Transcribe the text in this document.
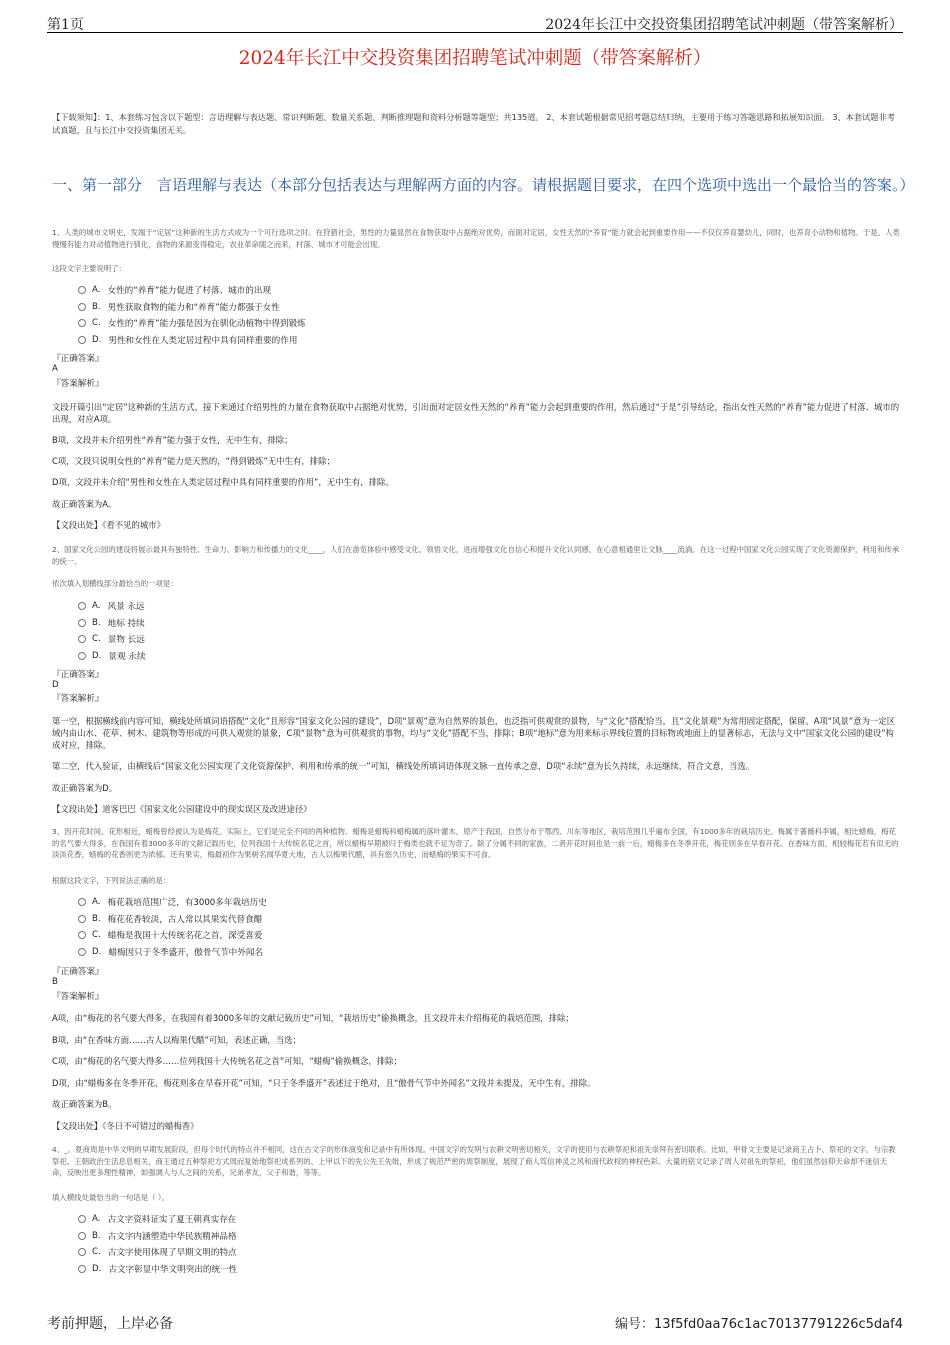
第1页	2024年长江中交投资集团招聘笔试冲刺题（带答案解析）
2024年长江中交投资集团招聘笔试冲刺题（带答案解析）
【下载须知】：1、本套练习包含以下题型：言语理解与表达题、常识判断题、数量关系题、判断推理题和资料分析题等题型；共135道。 2、本套试题根据常见招考题总结归纳，主要用于练习答题思路和拓展知识面。 3、本套试题非考试真题，且与长江中交投资集团无关。
一、第一部分　言语理解与表达（本部分包括表达与理解两方面的内容。请根据题目要求，在四个选项中选出一个最恰当的答案。）
1、人类的城市文明史，发端于“定居”这种新的生活方式成为一个可行选项之时。在狩猎社会，男性的力量显然在食物获取中占据绝对优势，而面对定居，女性天然的“养育”能力就会起到重要作用——不仅仅养育婴幼儿，同时，也养育小动物和植物。于是，人类慢慢有能力对动植物进行驯化，食物的来源变得稳定，农业革命随之而来，村落、城市才可能会出现。
这段文字主要说明了：
A. 女性的“养育”能力促进了村落、城市的出现
B. 男性获取食物的能力和“养育”能力都强于女性
C. 女性的“养育”能力强是因为在驯化动植物中得到锻炼
D. 男性和女性在人类定居过程中具有同样重要的作用
『正确答案』
A
『答案解析』
文段开篇引出“定居”这种新的生活方式，接下来通过介绍男性的力量在食物获取中占据绝对优势，引出面对定居女性天然的“养育”能力会起到重要的作用，然后通过“于是”引导结论，指出女性天然的“养育”能力促进了村落、城市的出现，对应A项。
B项，文段并未介绍男性“养育”能力强于女性，无中生有，排除；
C项，文段只说明女性的“养育”能力是天然的，“得到锻炼”无中生有，排除；
D项，文段并未介绍“男性和女性在人类定居过程中具有同样重要的作用”，无中生有，排除。
故正确答案为A。
【文段出处】《看不见的城市》
2、国家文化公园的建设将展示最具有独特性、生命力、影响力和传播力的文化____，人们在游览体验中感受文化、领悟文化，进而增强文化自信心和提升文化认同感，在心意相通里让文脉____流淌。在这一过程中国家文化公园实现了文化资源保护，利用和传承的统一。
依次填入划横线部分最恰当的一项是：
A. 风景 永远
B. 地标 持续
C. 景物 长远
D. 景观 永续
『正确答案』
D
『答案解析』
第一空，根据横线前内容可知，横线处所填词语搭配“文化”且形容“国家文化公园的建设”，D项“景观”意为自然界的景色，也泛指可供观赏的景物，与“文化”搭配恰当，且“文化景观”为常用固定搭配，保留。A项“风景”意为一定区域内由山水、花草、树木、建筑物等形成的可供人观赏的景象，C项“景物”意为可供观赏的事物，均与“文化”搭配不当，排除；B项“地标”意为用来标示界线位置的目标物或地面上的显著标志，无法与文中“国家文化公园的建设”构成对应，排除。
第二空，代入验证，由横线后“国家文化公园实现了文化资源保护、利用和传承的统一”可知，横线处所填词语体现文脉一直传承之意，D项“永续”意为长久持续，永远继续，符合文意，当选。
故正确答案为D。
【文段出处】道客巴巴《国家文化公园建设中的现实误区及改进途径》
3、因开花时间、花形相近，蜡梅曾经被认为是梅花。实际上，它们是完全不同的两种植物。蜡梅是蜡梅科蜡梅属的落叶灌木，原产于我国，自然分布于鄂西、川东等地区，栽培范围几乎遍布全国，有1000多年的栽培历史。梅属于蔷薇科李属，相比蜡梅，梅花的名气要大得多，在我国有着3000多年的文献记载历史，位列我国十大传统名花之首，所以蜡梅早期被归于梅类也就不足为奇了。除了分属不同的家族，二者开花时间也是一前一后，蜡梅多在冬季开花，梅花则多在早春开花。在香味方面，相较梅花若有似无的淡淡花香，蜡梅的花香则更为浓郁。还有果实，梅最初作为果树名闻华夏大地，古人以梅果代醋，具有悠久历史，而蜡梅的果实不可食。
根据这段文字，下列说法正确的是：
A. 梅花栽培范围广泛，有3000多年栽培历史
B. 梅花花香较淡，古人常以其果实代替食醋
C. 蜡梅是我国十大传统名花之首，深受喜爱
D. 蜡梅因只于冬季盛开，傲骨气节中外闻名
『正确答案』
B
『答案解析』
A项，由“梅花的名气要大得多，在我国有着3000多年的文献记载历史”可知，“栽培历史”偷换概念，且文段并未介绍梅花的栽培范围，排除；
B项，由“在香味方面……古人以梅果代醋”可知，表述正确，当选；
C项，由“梅花的名气要大得多……位列我国十大传统名花之首”可知，“蜡梅”偷换概念，排除；
D项，由“蜡梅多在冬季开花，梅花则多在早春开花”可知，“只于冬季盛开”表述过于绝对，且“傲骨气节中外闻名”文段并未提及，无中生有，排除。
故正确答案为B。
【文段出处】《冬日不可错过的蜡梅香》
4、_。夏商周是中华文明的早期发展阶段，但每个时代的特点并不相同，这在古文字的形体演变和记录中有所体现。中国文字的发明与农耕文明密切相关，文字的使用与农耕祭祀和祖先崇拜有密切联系。比如，甲骨文主要是记录商王占卜、祭祀的文字，与宗教祭祀、王朝政治生活息息相关，商王通过五种祭祀方式周而复始地祭祀成系列的、上甲以下的先公先王先妣，形成了规范严密的周祭制度，展现了商人笃信神灵之风和商代政权的神权色彩。大量的铭文记录了周人对祖先的祭祀，他们虽然信仰天命却不迷信天命，反映出更多理性精神，如强调人与人之间的关系，兄弟孝友，父子和谐，等等。
填入横线处最恰当的一句话是（ ）。
A. 古文字资料证实了夏王朝真实存在
B. 古文字内涵塑造中华民族精神品格
C. 古文字使用体现了早期文明的特点
D. 古文字彰显中华文明突出的统一性
考前押题，上岸必备	编号：13f5fd0aa76c1ac70137791226c5daf4
